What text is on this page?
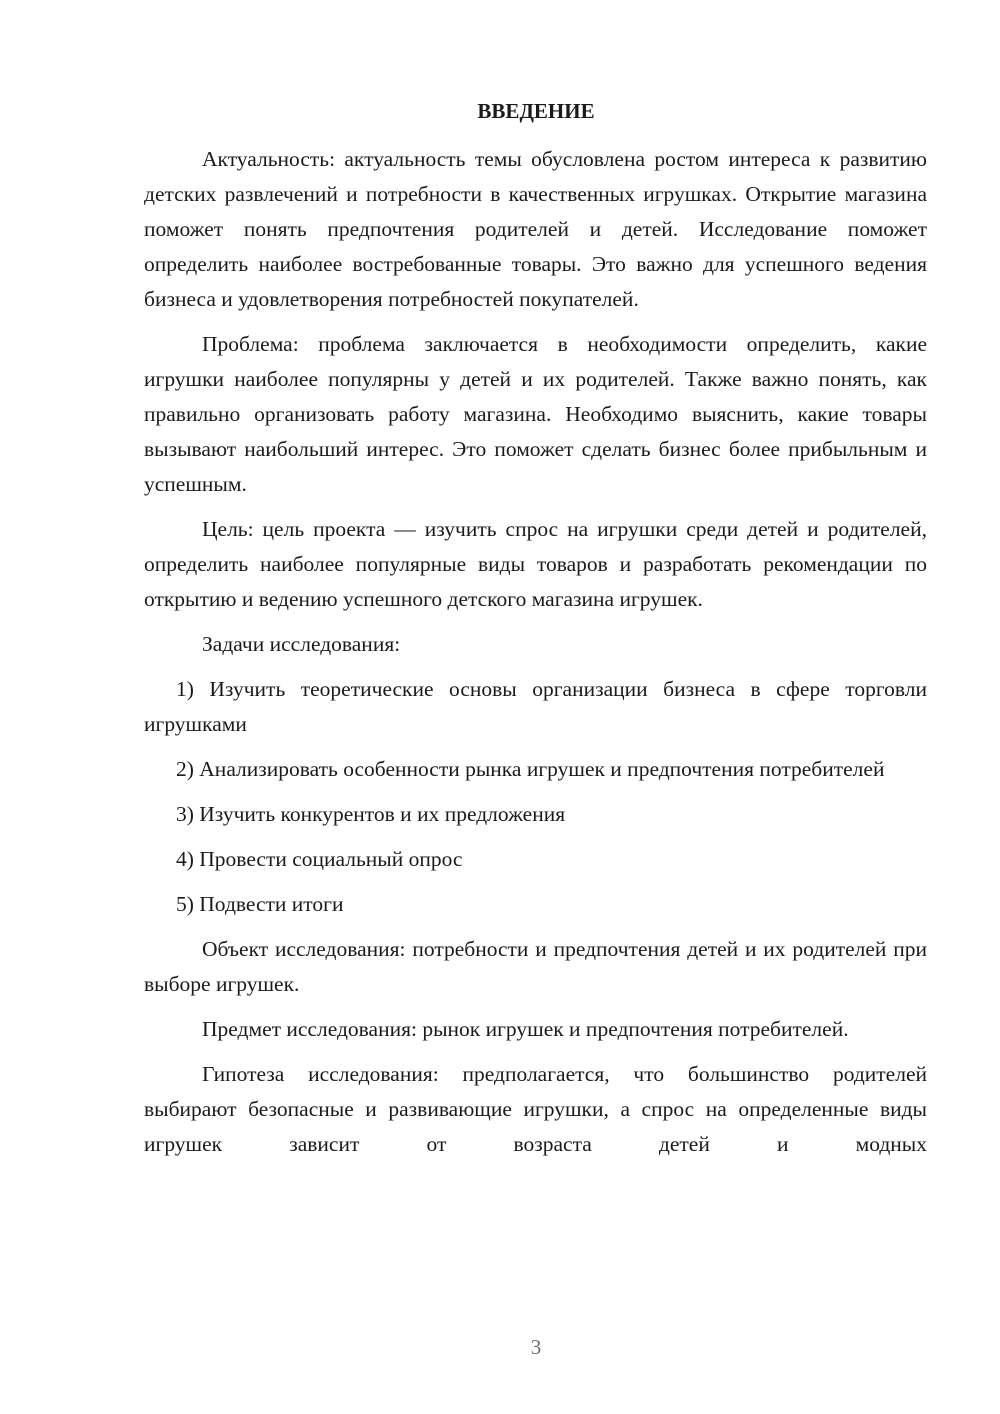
ВВЕДЕНИЕ

Актуальность: актуальность темы обусловлена ростом интереса к развитию детских развлечений и потребности в качественных игрушках. Открытие магазина поможет понять предпочтения родителей и детей. Исследование поможет определить наиболее востребованные товары. Это важно для успешного ведения бизнеса и удовлетворения потребностей покупателей.

Проблема: проблема заключается в необходимости определить, какие игрушки наиболее популярны у детей и их родителей. Также важно понять, как правильно организовать работу магазина. Необходимо выяснить, какие товары вызывают наибольший интерес. Это поможет сделать бизнес более прибыльным и успешным.

Цель: цель проекта — изучить спрос на игрушки среди детей и родителей, определить наиболее популярные виды товаров и разработать рекомендации по открытию и ведению успешного детского магазина игрушек.

Задачи исследования:

1) Изучить теоретические основы организации бизнеса в сфере торговли игрушками

2) Анализировать особенности рынка игрушек и предпочтения потребителей

3) Изучить конкурентов и их предложения

4) Провести социальный опрос

5) Подвести итоги

Объект исследования: потребности и предпочтения детей и их родителей при выборе игрушек.

Предмет исследования: рынок игрушек и предпочтения потребителей.

Гипотеза исследования: предполагается, что большинство родителей выбирают безопасные и развивающие игрушки, а спрос на определенные виды игрушек зависит от возраста детей и модных

3
